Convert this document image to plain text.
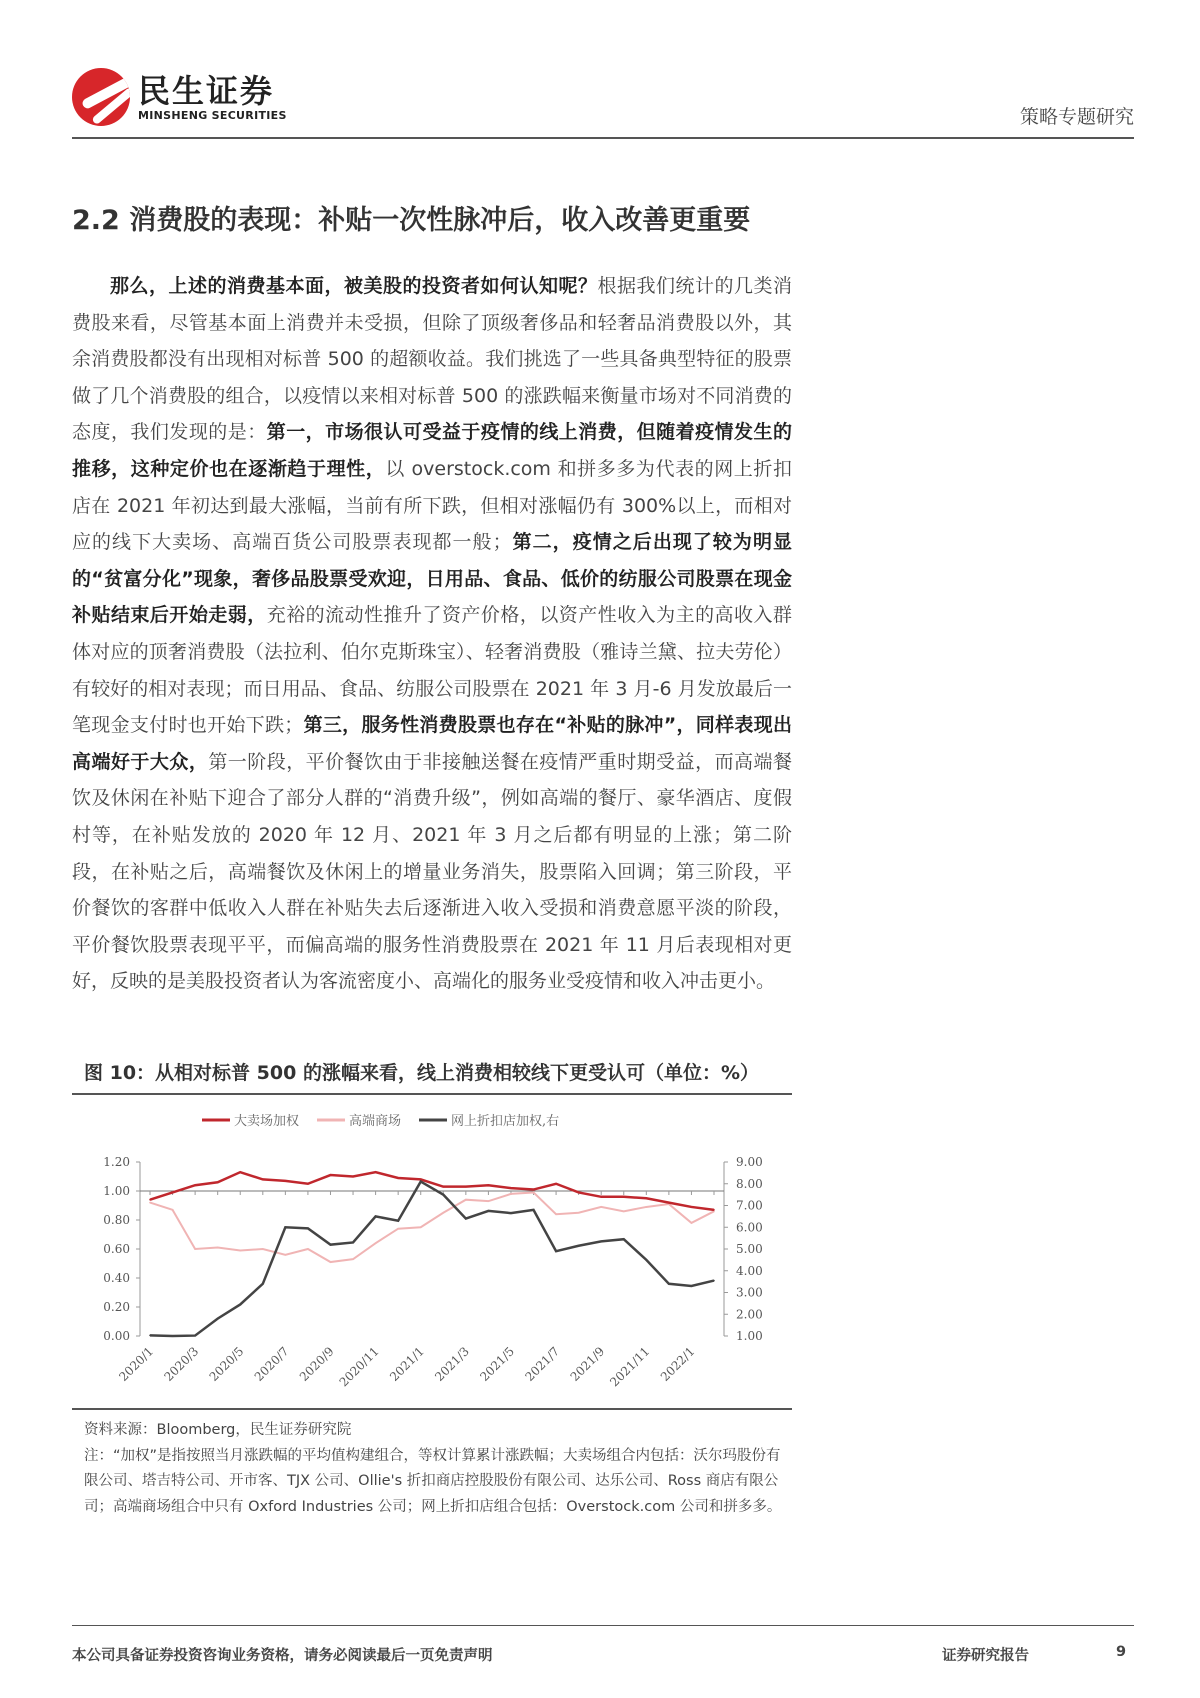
民生证券
MINSHENG SECURITIES	策略专题研究
2.2 消费股的表现：补贴一次性脉冲后，收入改善更重要

那么，上述的消费基本面，被美股的投资者如何认知呢？根据我们统计的几类消费股来看，尽管基本面上消费并未受损，但除了顶级奢侈品和轻奢品消费股以外，其余消费股都没有出现相对标普 500 的超额收益。我们挑选了一些具备典型特征的股票做了几个消费股的组合，以疫情以来相对标普 500 的涨跌幅来衡量市场对不同消费的态度，我们发现的是：第一，市场很认可受益于疫情的线上消费，但随着疫情发生的推移，这种定价也在逐渐趋于理性，以 overstock.com 和拼多多为代表的网上折扣店在 2021 年初达到最大涨幅，当前有所下跌，但相对涨幅仍有 300%以上，而相对应的线下大卖场、高端百货公司股票表现都一般；第二，疫情之后出现了较为明显的“贫富分化”现象，奢侈品股票受欢迎，日用品、食品、低价的纺服公司股票在现金补贴结束后开始走弱，充裕的流动性推升了资产价格，以资产性收入为主的高收入群体对应的顶奢消费股（法拉利、伯尔克斯珠宝）、轻奢消费股（雅诗兰黛、拉夫劳伦）有较好的相对表现；而日用品、食品、纺服公司股票在 2021 年 3 月-6 月发放最后一笔现金支付时也开始下跌；第三，服务性消费股票也存在“补贴的脉冲”，同样表现出高端好于大众，第一阶段，平价餐饮由于非接触送餐在疫情严重时期受益，而高端餐饮及休闲在补贴下迎合了部分人群的“消费升级”，例如高端的餐厅、豪华酒店、度假村等，在补贴发放的 2020 年 12 月、2021 年 3 月之后都有明显的上涨；第二阶段，在补贴之后，高端餐饮及休闲上的增量业务消失，股票陷入回调；第三阶段，平价餐饮的客群中低收入人群在补贴失去后逐渐进入收入受损和消费意愿平淡的阶段，平价餐饮股票表现平平，而偏高端的服务性消费股票在 2021 年 11 月后表现相对更好，反映的是美股投资者认为客流密度小、高端化的服务业受疫情和收入冲击更小。

图 10：从相对标普 500 的涨幅来看，线上消费相较线下更受认可（单位：%）
0.00
0.20
0.40
0.60
0.80
1.00
1.20
1.00
2.00
3.00
4.00
5.00
6.00
7.00
8.00
9.00
2020/1 2020/3 2020/5 2020/7 2020/9 2020/11 2021/1 2021/3 2021/5 2021/7 2021/9 2021/11 2022/1
大卖场加权	高端商场	网上折扣店加权,右
资料来源：Bloomberg，民生证券研究院
注：“加权”是指按照当月涨跌幅的平均值构建组合，等权计算累计涨跌幅；大卖场组合内包括：沃尔玛股份有限公司、塔吉特公司、开市客、TJX 公司、Ollie's 折扣商店控股股份有限公司、达乐公司、Ross 商店有限公司；高端商场组合中只有 Oxford Industries 公司；网上折扣店组合包括：Overstock.com 公司和拼多多。
本公司具备证券投资咨询业务资格，请务必阅读最后一页免责声明	证券研究报告	9
